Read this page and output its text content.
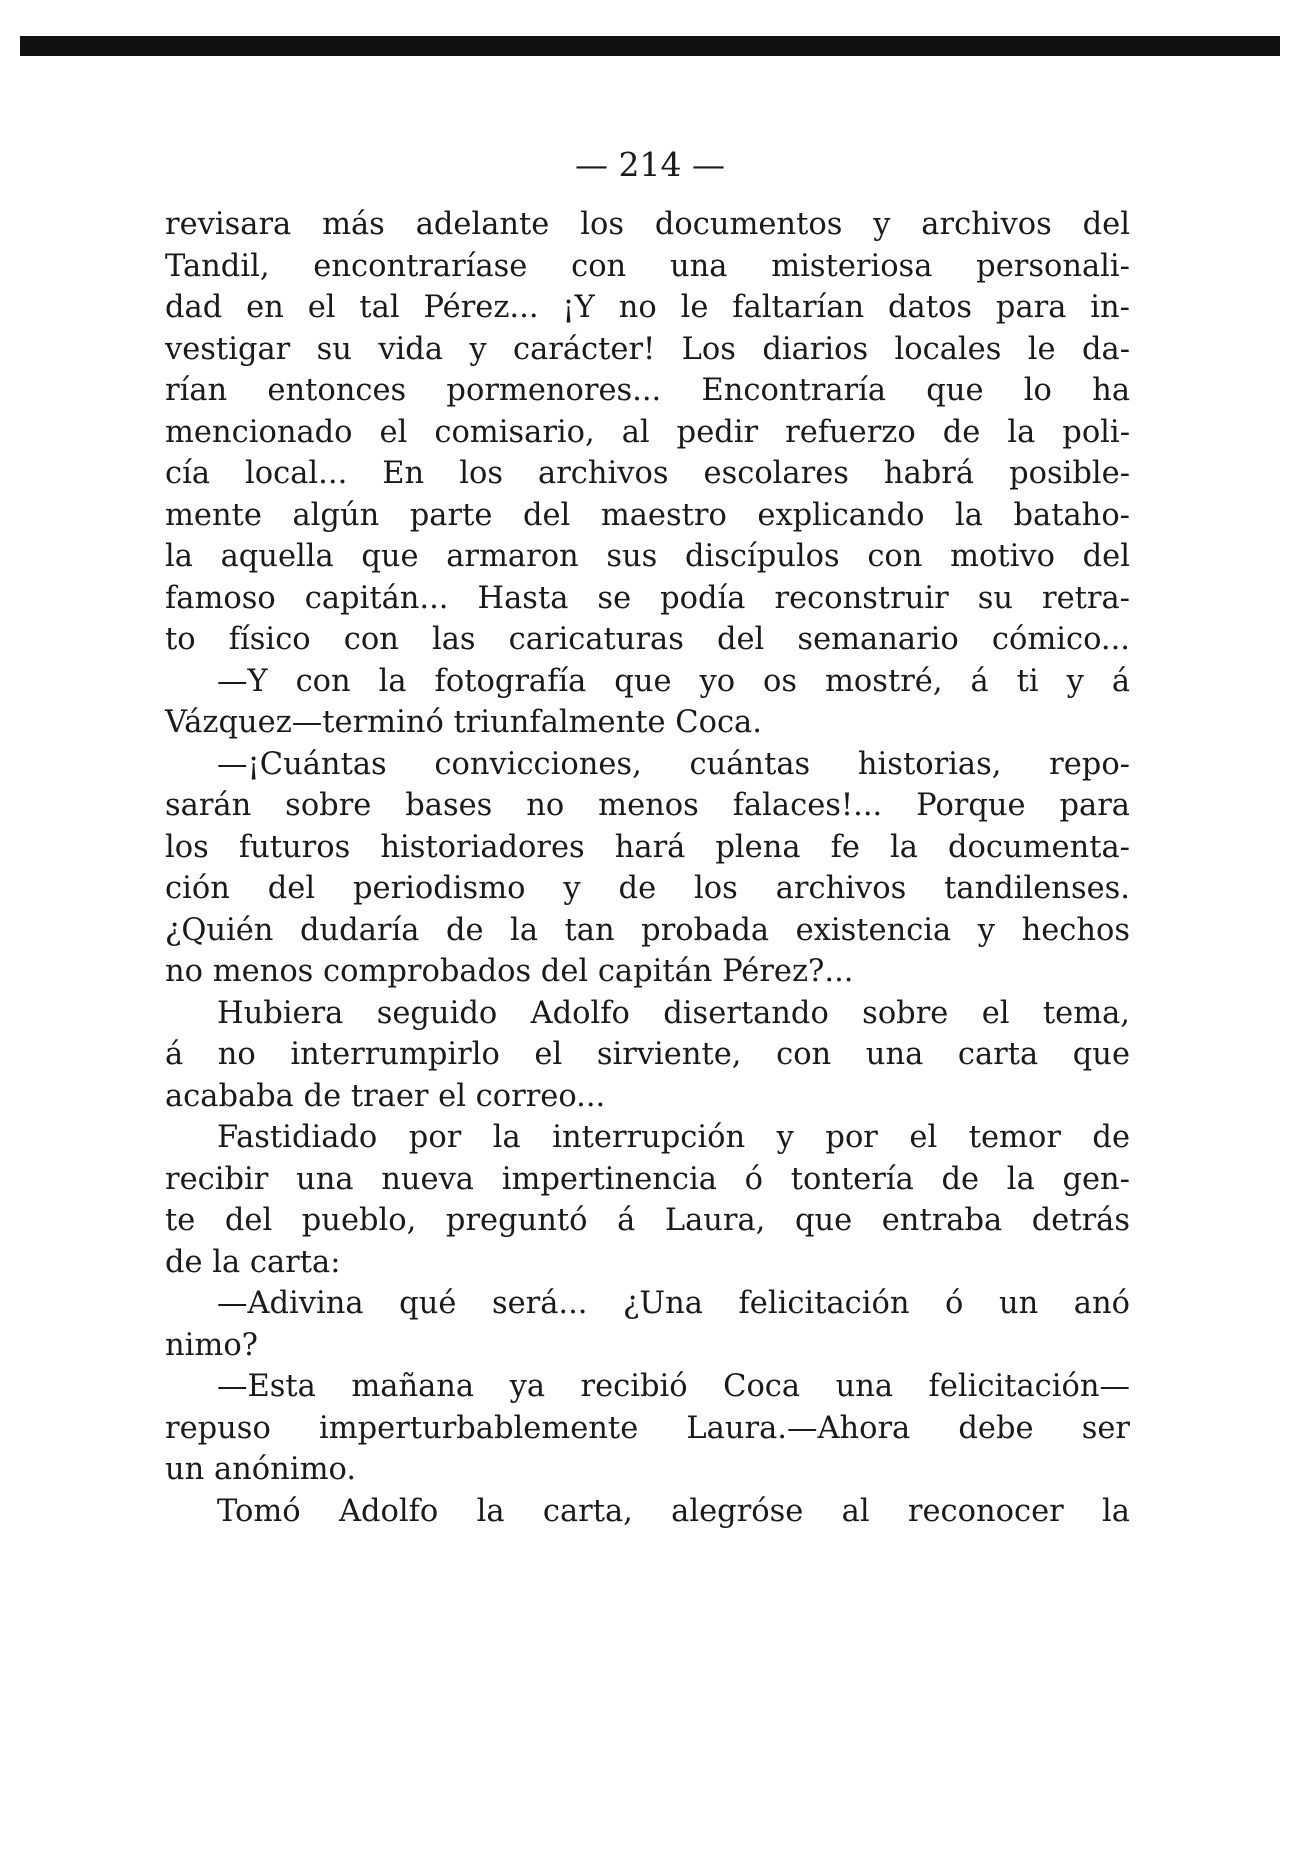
— 214 —
revisara más adelante los documentos y archivos del
Tandil, encontraríase con una misteriosa personali-
dad en el tal Pérez... ¡Y no le faltarían datos para in-
vestigar su vida y carácter! Los diarios locales le da-
rían entonces pormenores... Encontraría que lo ha
mencionado el comisario, al pedir refuerzo de la poli-
cía local... En los archivos escolares habrá posible-
mente algún parte del maestro explicando la bataho-
la aquella que armaron sus discípulos con motivo del
famoso capitán... Hasta se podía reconstruir su retra-
to físico con las caricaturas del semanario cómico...
—Y con la fotografía que yo os mostré, á ti y á
Vázquez—terminó triunfalmente Coca.
—¡Cuántas convicciones, cuántas historias, repo-
sarán sobre bases no menos falaces!... Porque para
los futuros historiadores hará plena fe la documenta-
ción del periodismo y de los archivos tandilenses.
¿Quién dudaría de la tan probada existencia y hechos
no menos comprobados del capitán Pérez?...
Hubiera seguido Adolfo disertando sobre el tema,
á no interrumpirlo el sirviente, con una carta que
acababa de traer el correo...
Fastidiado por la interrupción y por el temor de
recibir una nueva impertinencia ó tontería de la gen-
te del pueblo, preguntó á Laura, que entraba detrás
de la carta:
—Adivina qué será... ¿Una felicitación ó un anó
nimo?
—Esta mañana ya recibió Coca una felicitación—
repuso imperturbablemente Laura.—Ahora debe ser
un anónimo.
Tomó Adolfo la carta, alegróse al reconocer la
